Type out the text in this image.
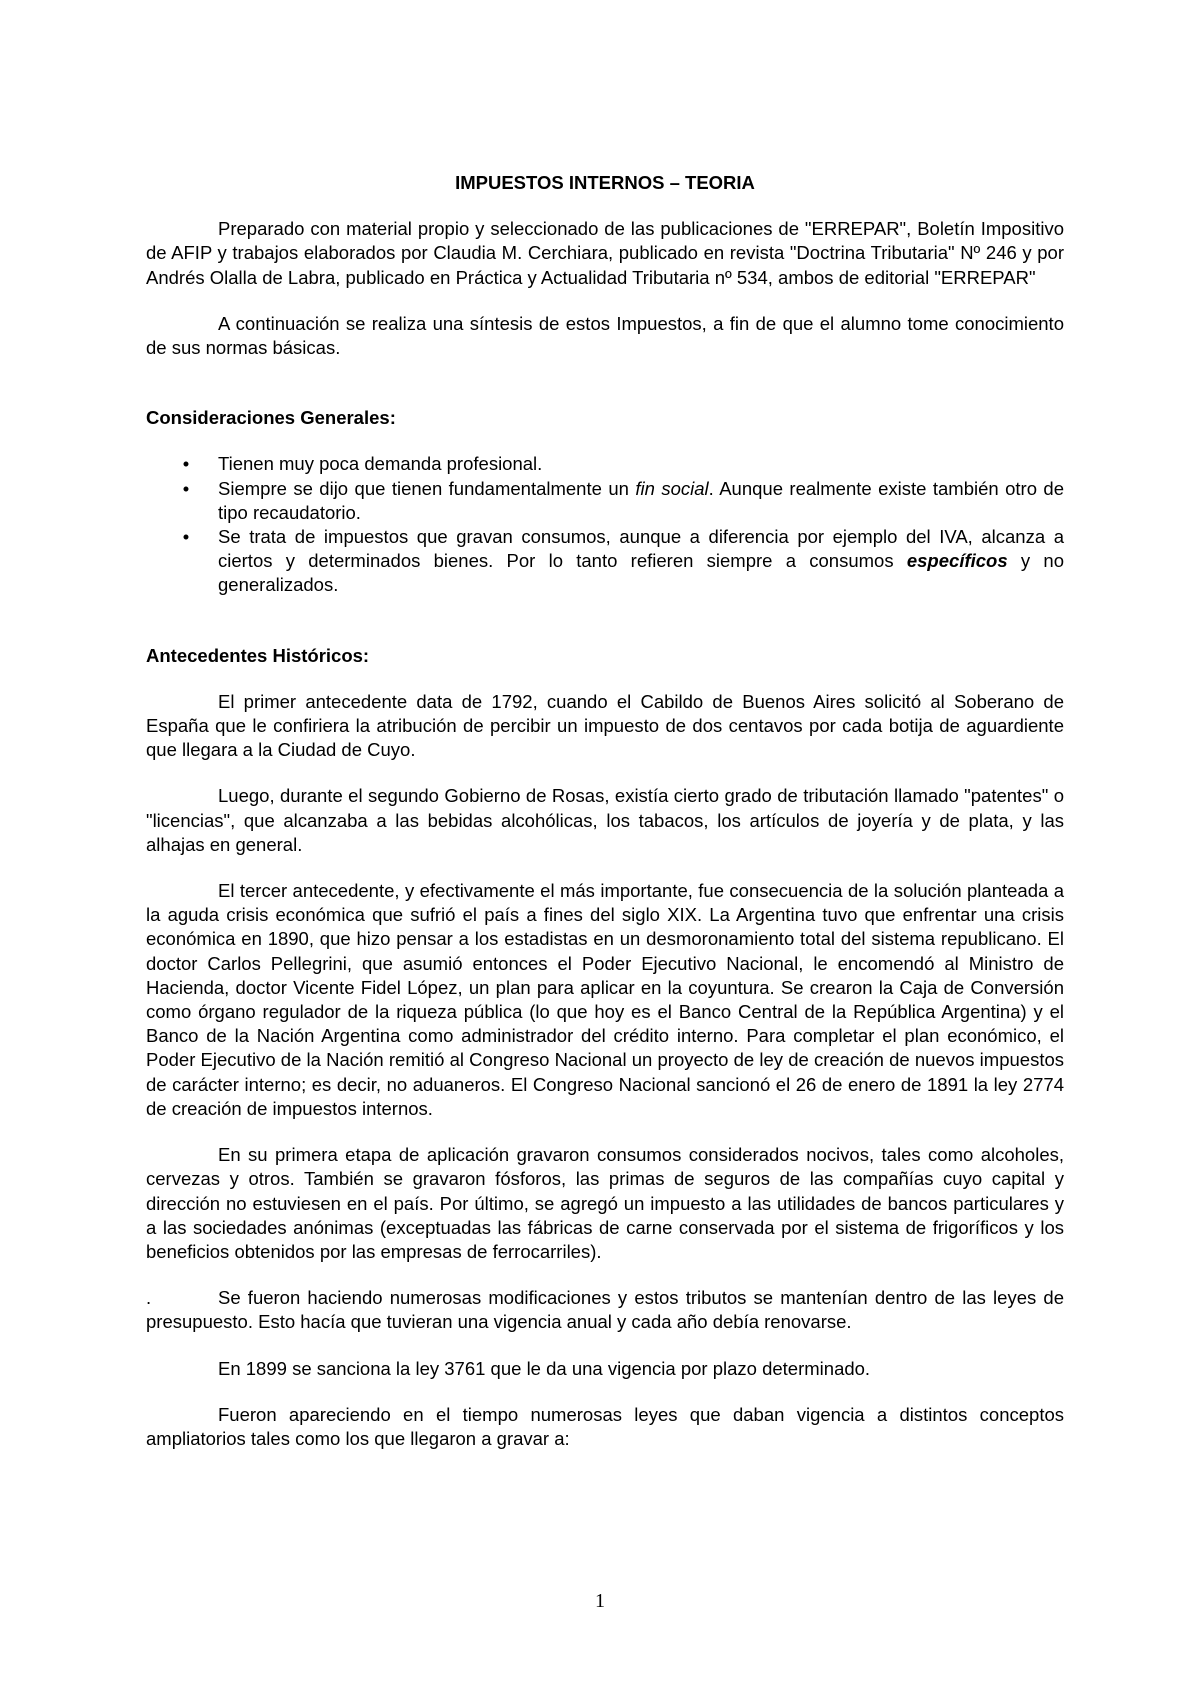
IMPUESTOS INTERNOS – TEORIA

Preparado con material propio y seleccionado de las publicaciones de "ERREPAR", Boletín Impositivo de AFIP y trabajos elaborados por Claudia M. Cerchiara, publicado en revista "Doctrina Tributaria" Nº 246 y por Andrés Olalla de Labra, publicado en Práctica y Actualidad Tributaria nº 534, ambos de editorial "ERREPAR"

A continuación se realiza una síntesis de estos Impuestos, a fin de que el alumno tome conocimiento de sus normas básicas.

Consideraciones Generales:
• Tienen muy poca demanda profesional.
• Siempre se dijo que tienen fundamentalmente un fin social. Aunque realmente existe también otro de tipo recaudatorio.
• Se trata de impuestos que gravan consumos, aunque a diferencia por ejemplo del IVA, alcanza a ciertos y determinados bienes. Por lo tanto refieren siempre a consumos específicos y no generalizados.
Antecedentes Históricos:

El primer antecedente data de 1792, cuando el Cabildo de Buenos Aires solicitó al Soberano de España que le confiriera la atribución de percibir un impuesto de dos centavos por cada botija de aguardiente que llegara a la Ciudad de Cuyo.

Luego, durante el segundo Gobierno de Rosas, existía cierto grado de tributación llamado "patentes" o "licencias", que alcanzaba a las bebidas alcohólicas, los tabacos, los artículos de joyería y de plata, y las alhajas en general.

El tercer antecedente, y efectivamente el más importante, fue consecuencia de la solución planteada a la aguda crisis económica que sufrió el país a fines del siglo XIX. La Argentina tuvo que enfrentar una crisis económica en 1890, que hizo pensar a los estadistas en un desmoronamiento total del sistema republicano. El doctor Carlos Pellegrini, que asumió entonces el Poder Ejecutivo Nacional, le encomendó al Ministro de Hacienda, doctor Vicente Fidel López, un plan para aplicar en la coyuntura. Se crearon la Caja de Conversión como órgano regulador de la riqueza pública (lo que hoy es el Banco Central de la República Argentina) y el Banco de la Nación Argentina como administrador del crédito interno. Para completar el plan económico, el Poder Ejecutivo de la Nación remitió al Congreso Nacional un proyecto de ley de creación de nuevos impuestos de carácter interno; es decir, no aduaneros. El Congreso Nacional sancionó el 26 de enero de 1891 la ley 2774 de creación de impuestos internos.

En su primera etapa de aplicación gravaron consumos considerados nocivos, tales como alcoholes, cervezas y otros. También se gravaron fósforos, las primas de seguros de las compañías cuyo capital y dirección no estuviesen en el país. Por último, se agregó un impuesto a las utilidades de bancos particulares y a las sociedades anónimas (exceptuadas las fábricas de carne conservada por el sistema de frigoríficos y los beneficios obtenidos por las empresas de ferrocarriles).

.	Se fueron haciendo numerosas modificaciones y estos tributos se mantenían dentro de las leyes de presupuesto. Esto hacía que tuvieran una vigencia anual y cada año debía renovarse.

En 1899 se sanciona la ley 3761 que le da una vigencia por plazo determinado.

Fueron apareciendo en el tiempo numerosas leyes que daban vigencia a distintos conceptos ampliatorios tales como los que llegaron a gravar a:

1
